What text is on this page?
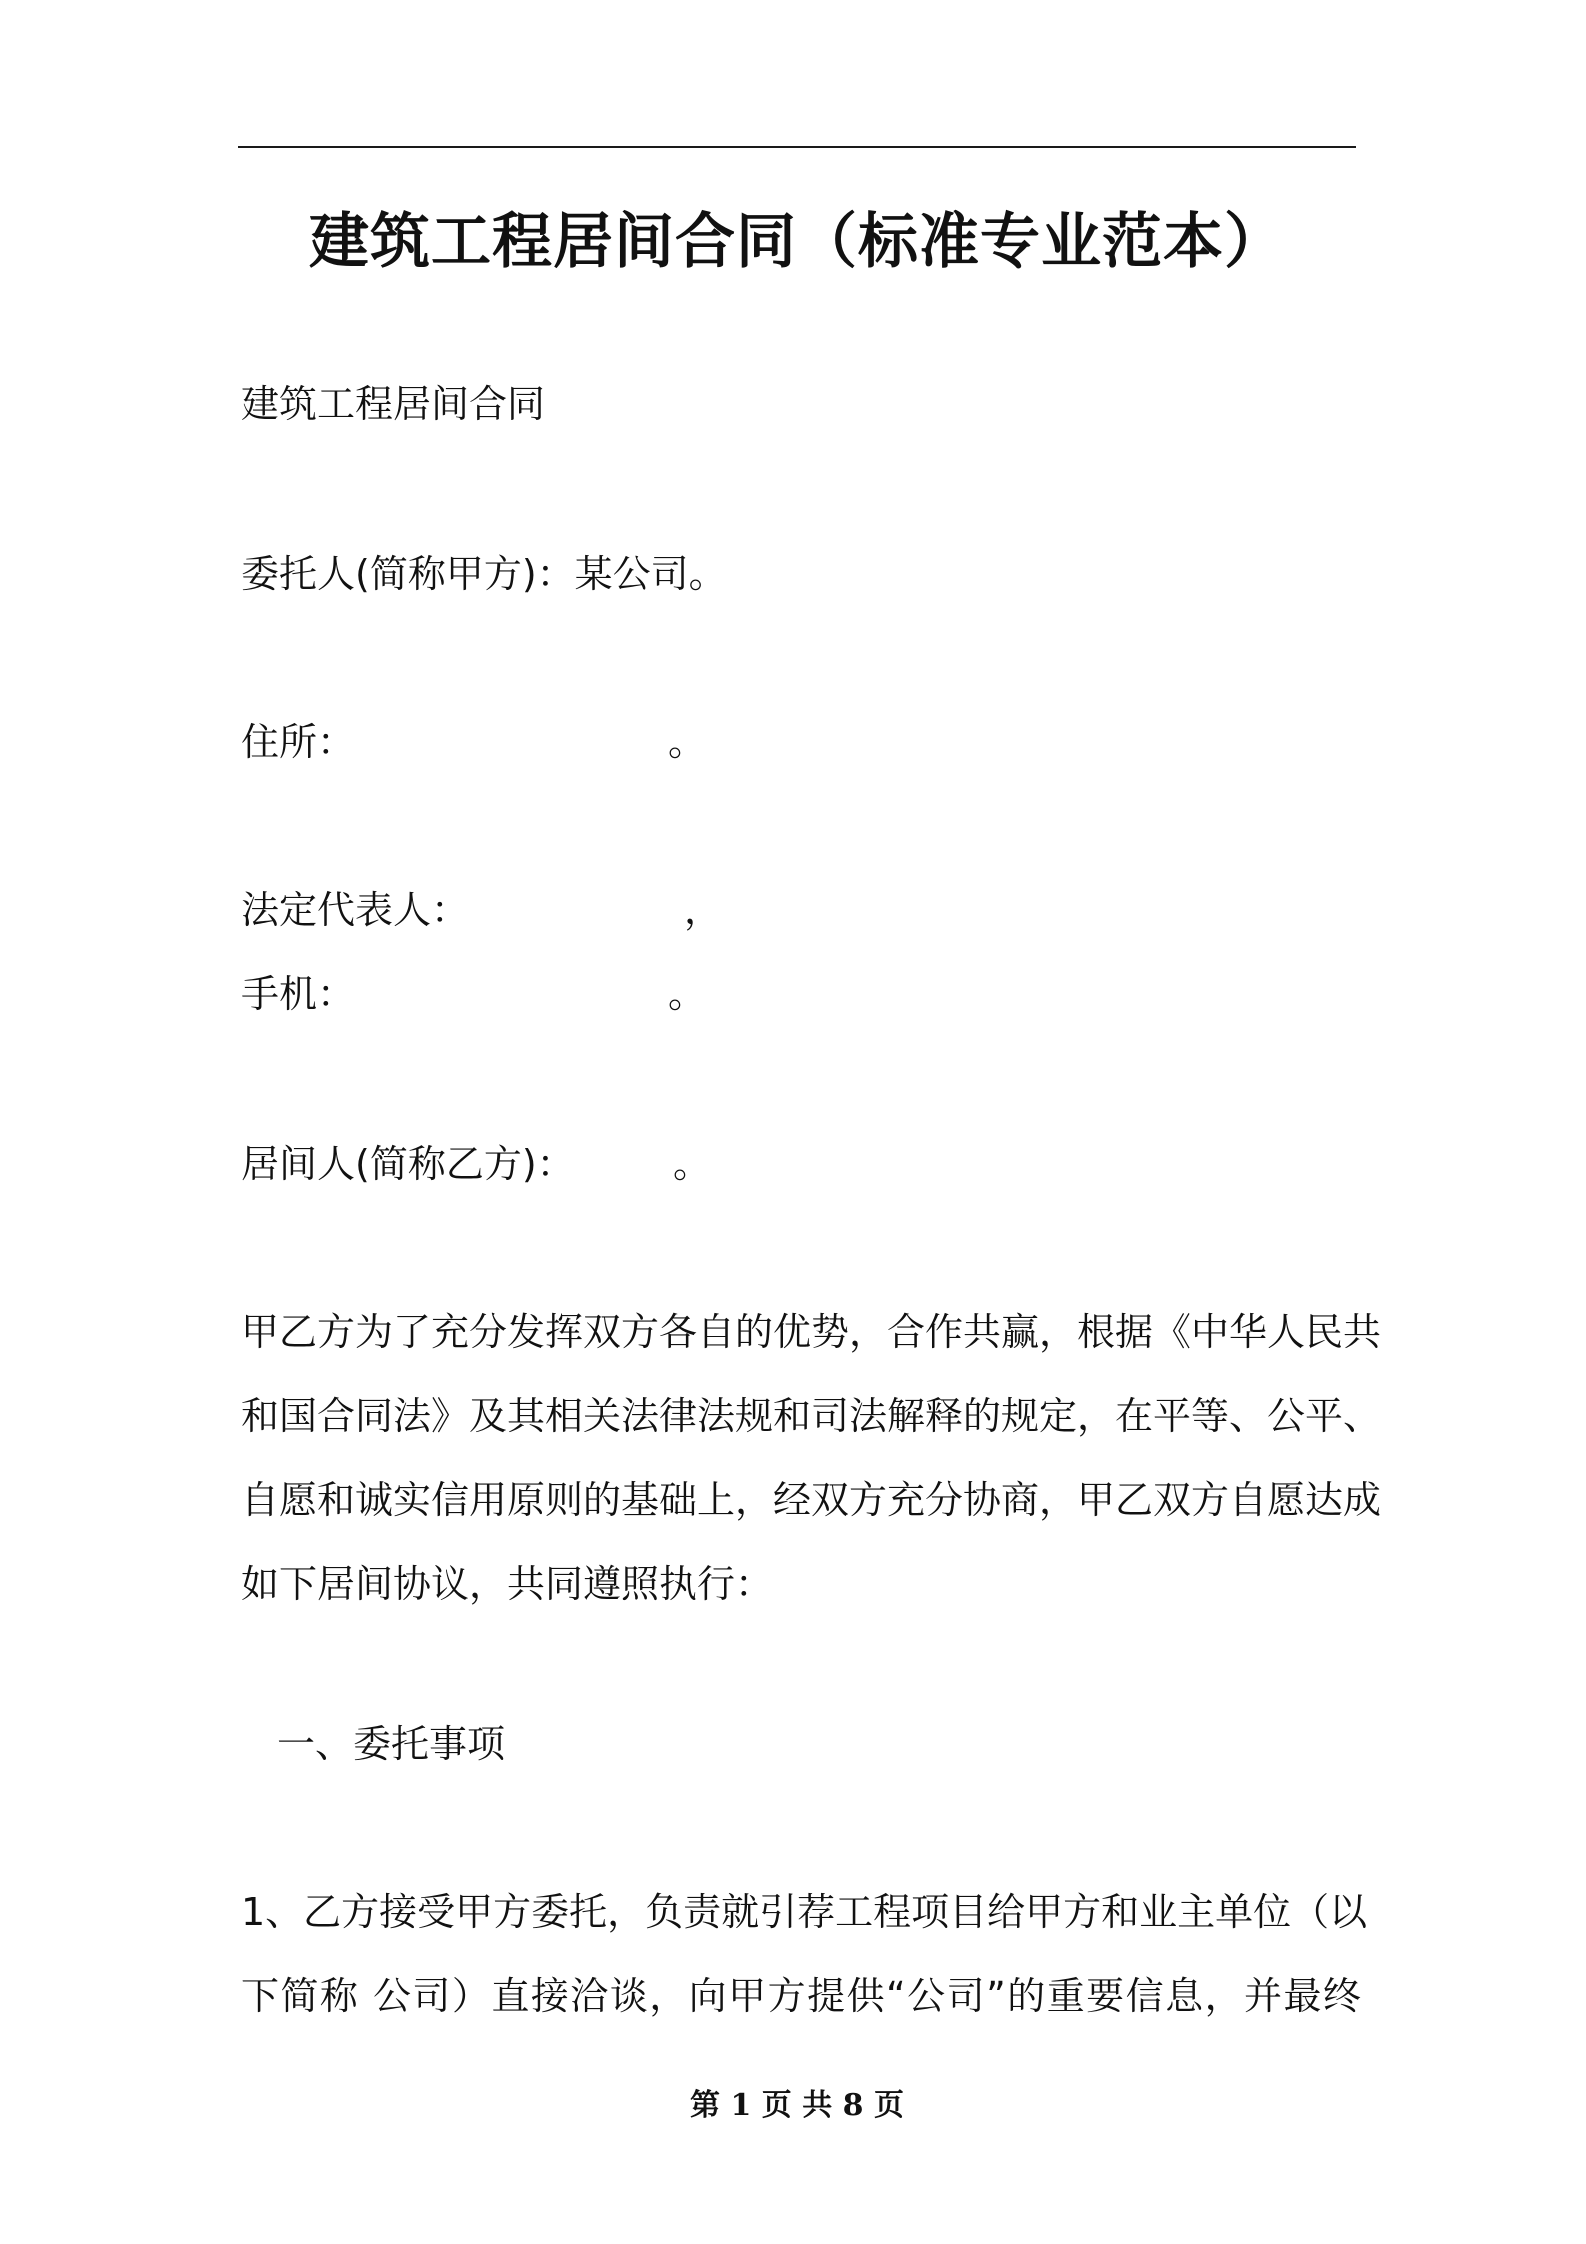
建筑工程居间合同（标准专业范本）
建筑工程居间合同
委托人(简称甲方)：某公司。
住所：	。
法定代表人：	，
手机：	。
居间人(简称乙方)：	。
甲乙方为了充分发挥双方各自的优势，合作共赢，根据《中华人民共
和国合同法》及其相关法律法规和司法解释的规定，在平等、公平、
自愿和诚实信用原则的基础上，经双方充分协商，甲乙双方自愿达成
如下居间协议，共同遵照执行：
一、委托事项
1、乙方接受甲方委托，负责就引荐工程项目给甲方和业主单位（以
下简称 公司）直接洽谈，向甲方提供“公司”的重要信息，并最终
第 1 页 共 8 页
